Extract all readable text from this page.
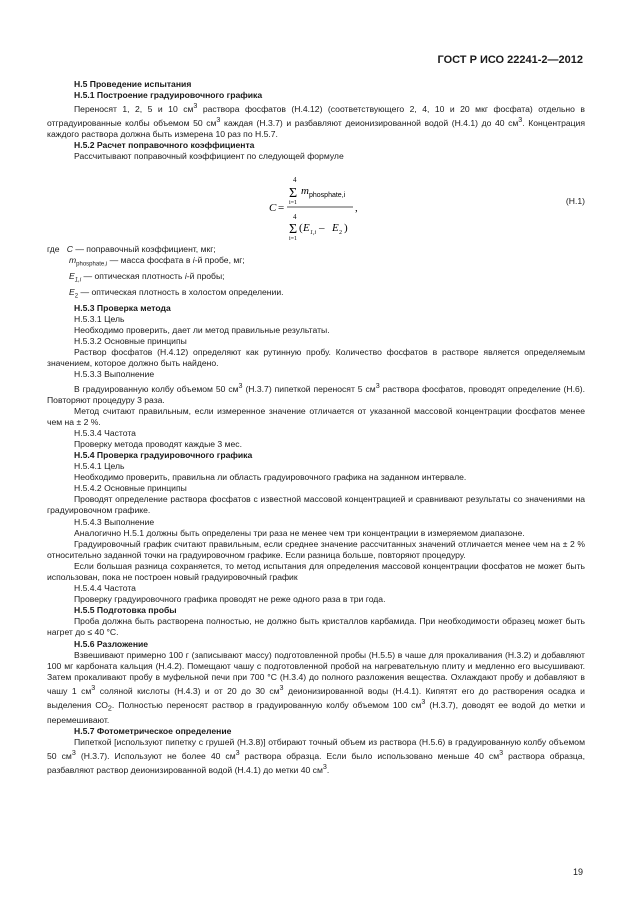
ГОСТ Р ИСО 22241-2—2012

Н.5 Проведение испытания

Н.5.1 Построение градуировочного графика

Переносят 1, 2, 5 и 10 $см^3$ раствора фосфатов (Н.4.12) (соответствующего 2, 4, 10 и 20 мкг фосфата) отдельно в отградуированные колбы объемом 50 $см^3$ каждая (Н.3.7) и разбавляют деионизированной водой (Н.4.1) до 40 $см^3$. Концентрация каждого раствора должна быть измерена 10 раз по Н.5.7.

Н.5.2 Расчет поправочного коэффициента

Рассчитывают поправочный коэффициент по следующей формуле

C =
4
Σ
i=1
m phosphate,i
,
4
Σ
i=1
( E 1,i – E 2 )
(Н.1)

где C — поправочный коэффициент, мкг;

$m_{phosphate,i}$ — масса фосфата в i-й пробе, мг;

$E_{1,i}$ — оптическая плотность i-й пробы;

$E_2$ — оптическая плотность в холостом определении.

Н.5.3 Проверка метода

Н.5.3.1 Цель

Необходимо проверить, дает ли метод правильные результаты.

Н.5.3.2 Основные принципы

Раствор фосфатов (Н.4.12) определяют как рутинную пробу. Количество фосфатов в растворе является определяемым значением, которое должно быть найдено.

Н.5.3.3 Выполнение

В градуированную колбу объемом 50 $см^3$ (Н.3.7) пипеткой переносят 5 $см^3$ раствора фосфатов, проводят определение (Н.6). Повторяют процедуру 3 раза.

Метод считают правильным, если измеренное значение отличается от указанной массовой концентрации фосфатов менее чем на ± 2 %.

Н.5.3.4 Частота

Проверку метода проводят каждые 3 мес.

Н.5.4 Проверка градуировочного графика

Н.5.4.1 Цель

Необходимо проверить, правильна ли область градуировочного графика на заданном интервале.

Н.5.4.2 Основные принципы

Проводят определение раствора фосфатов с известной массовой концентрацией и сравнивают результаты со значениями на градуировочном графике.

Н.5.4.3 Выполнение

Аналогично Н.5.1 должны быть определены три раза не менее чем три концентрации в измеряемом диапазоне.

Градуировочный график считают правильным, если среднее значение рассчитанных значений отличается менее чем на ± 2 % относительно заданной точки на градуировочном графике. Если разница больше, повторяют процедуру.

Если большая разница сохраняется, то метод испытания для определения массовой концентрации фосфатов не может быть использован, пока не построен новый градуировочный график

Н.5.4.4 Частота

Проверку градуировочного графика проводят не реже одного раза в три года.

Н.5.5 Подготовка пробы

Проба должна быть растворена полностью, не должно быть кристаллов карбамида. При необходимости образец может быть нагрет до ≤ 40 °С.

Н.5.6 Разложение

Взвешивают примерно 100 г (записывают массу) подготовленной пробы (Н.5.5) в чаше для прокаливания (Н.3.2) и добавляют 100 мг карбоната кальция (Н.4.2). Помещают чашу с подготовленной пробой на нагревательную плиту и медленно его высушивают. Затем прокаливают пробу в муфельной печи при 700 °С (Н.3.4) до полного разложения вещества. Охлаждают пробу и добавляют в чашу 1 $см^3$ соляной кислоты (Н.4.3) и от 20 до 30 $см^3$ деионизированной воды (Н.4.1). Кипятят его до растворения осадка и выделения $СО_2$. Полностью переносят раствор в градуированную колбу объемом 100 $см^3$ (Н.3.7), доводят ее водой до метки и перемешивают.

Н.5.7 Фотометрическое определение

Пипеткой [используют пипетку с грушей (Н.3.8)] отбирают точный объем из раствора (Н.5.6) в градуированную колбу объемом 50 $см^3$ (Н.3.7). Используют не более 40 $см^3$ раствора образца. Если было использовано меньше 40 $см^3$ раствора образца, разбавляют раствор деионизированной водой (Н.4.1) до метки 40 $см^3$.

19
